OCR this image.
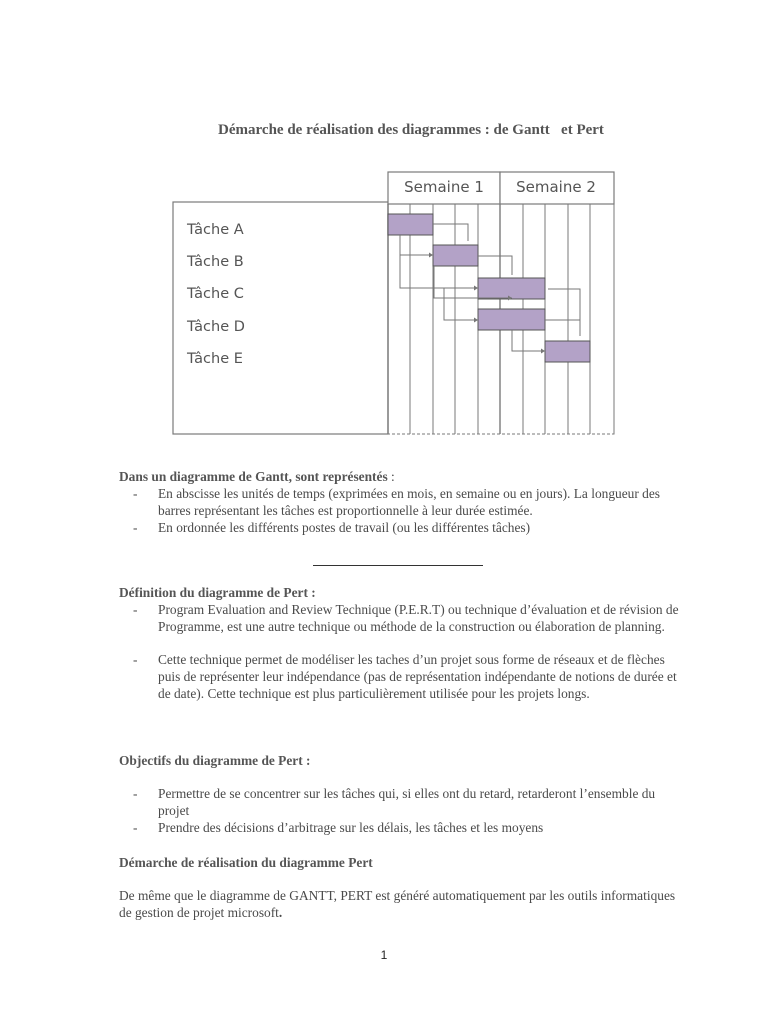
Démarche de réalisation des diagrammes : de Gantt   et Pert
Semaine 1 Semaine 2
Tâche A
Tâche B
Tâche C
Tâche D
Tâche E
Dans un diagramme de Gantt, sont représentés :
- En abscisse les unités de temps (exprimées en mois, en semaine ou en jours). La longueur des barres représentant les tâches est proportionnelle à leur durée estimée.
- En ordonnée les différents postes de travail (ou les différentes tâches)
Définition du diagramme de Pert :
- Program Evaluation and Review Technique (P.E.R.T) ou technique d’évaluation et de révision de Programme, est une autre technique ou méthode de la construction ou élaboration de planning.
- Cette technique permet de modéliser les taches d’un projet sous forme de réseaux et de flèches puis de représenter leur indépendance (pas de représentation indépendante de notions de durée et de date). Cette technique est plus particulièrement utilisée pour les projets longs.
Objectifs du diagramme de Pert :
- Permettre de se concentrer sur les tâches qui, si elles ont du retard, retarderont l’ensemble du projet
- Prendre des décisions d’arbitrage sur les délais, les tâches et les moyens
Démarche de réalisation du diagramme Pert

De même que le diagramme de GANTT, PERT est généré automatiquement par les outils informatiques de gestion de projet microsoft.

1
